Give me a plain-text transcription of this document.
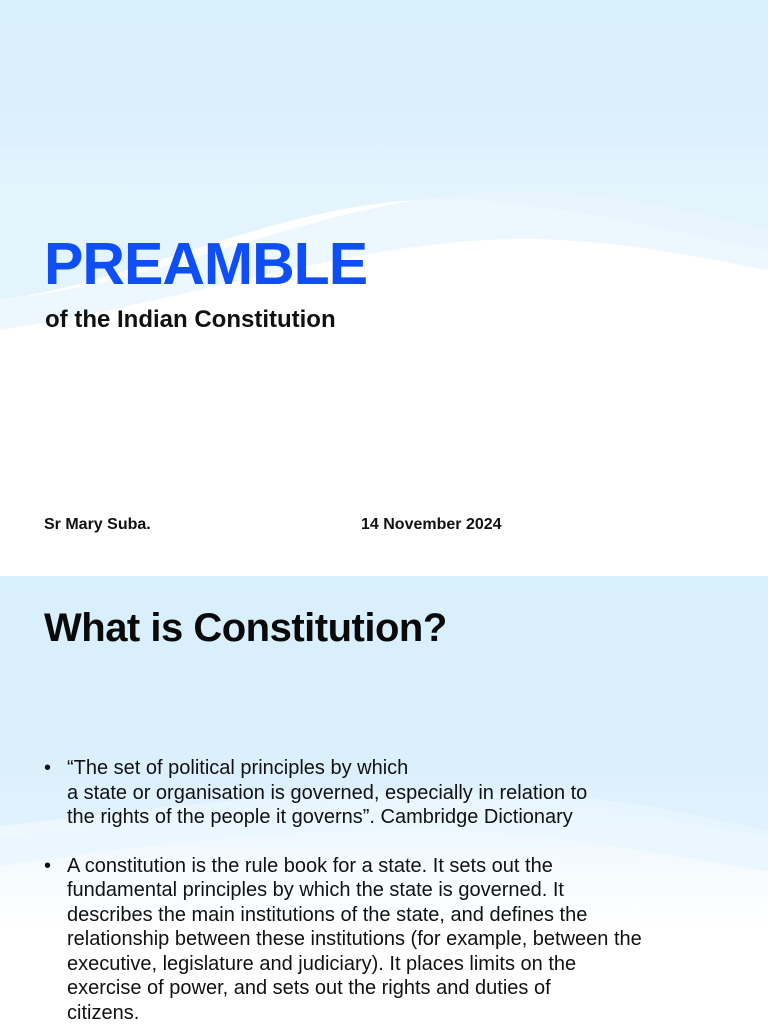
PREAMBLE
of the Indian Constitution
Sr Mary Suba.	14 November 2024
What is Constitution?
• “The set of political principles by which
a state or organisation is governed, especially in relation to
the rights of the people it governs”. Cambridge Dictionary
• A constitution is the rule book for a state. It sets out the
fundamental principles by which the state is governed. It
describes the main institutions of the state, and defines the
relationship between these institutions (for example, between the
executive, legislature and judiciary). It places limits on the
exercise of power, and sets out the rights and duties of
citizens.
